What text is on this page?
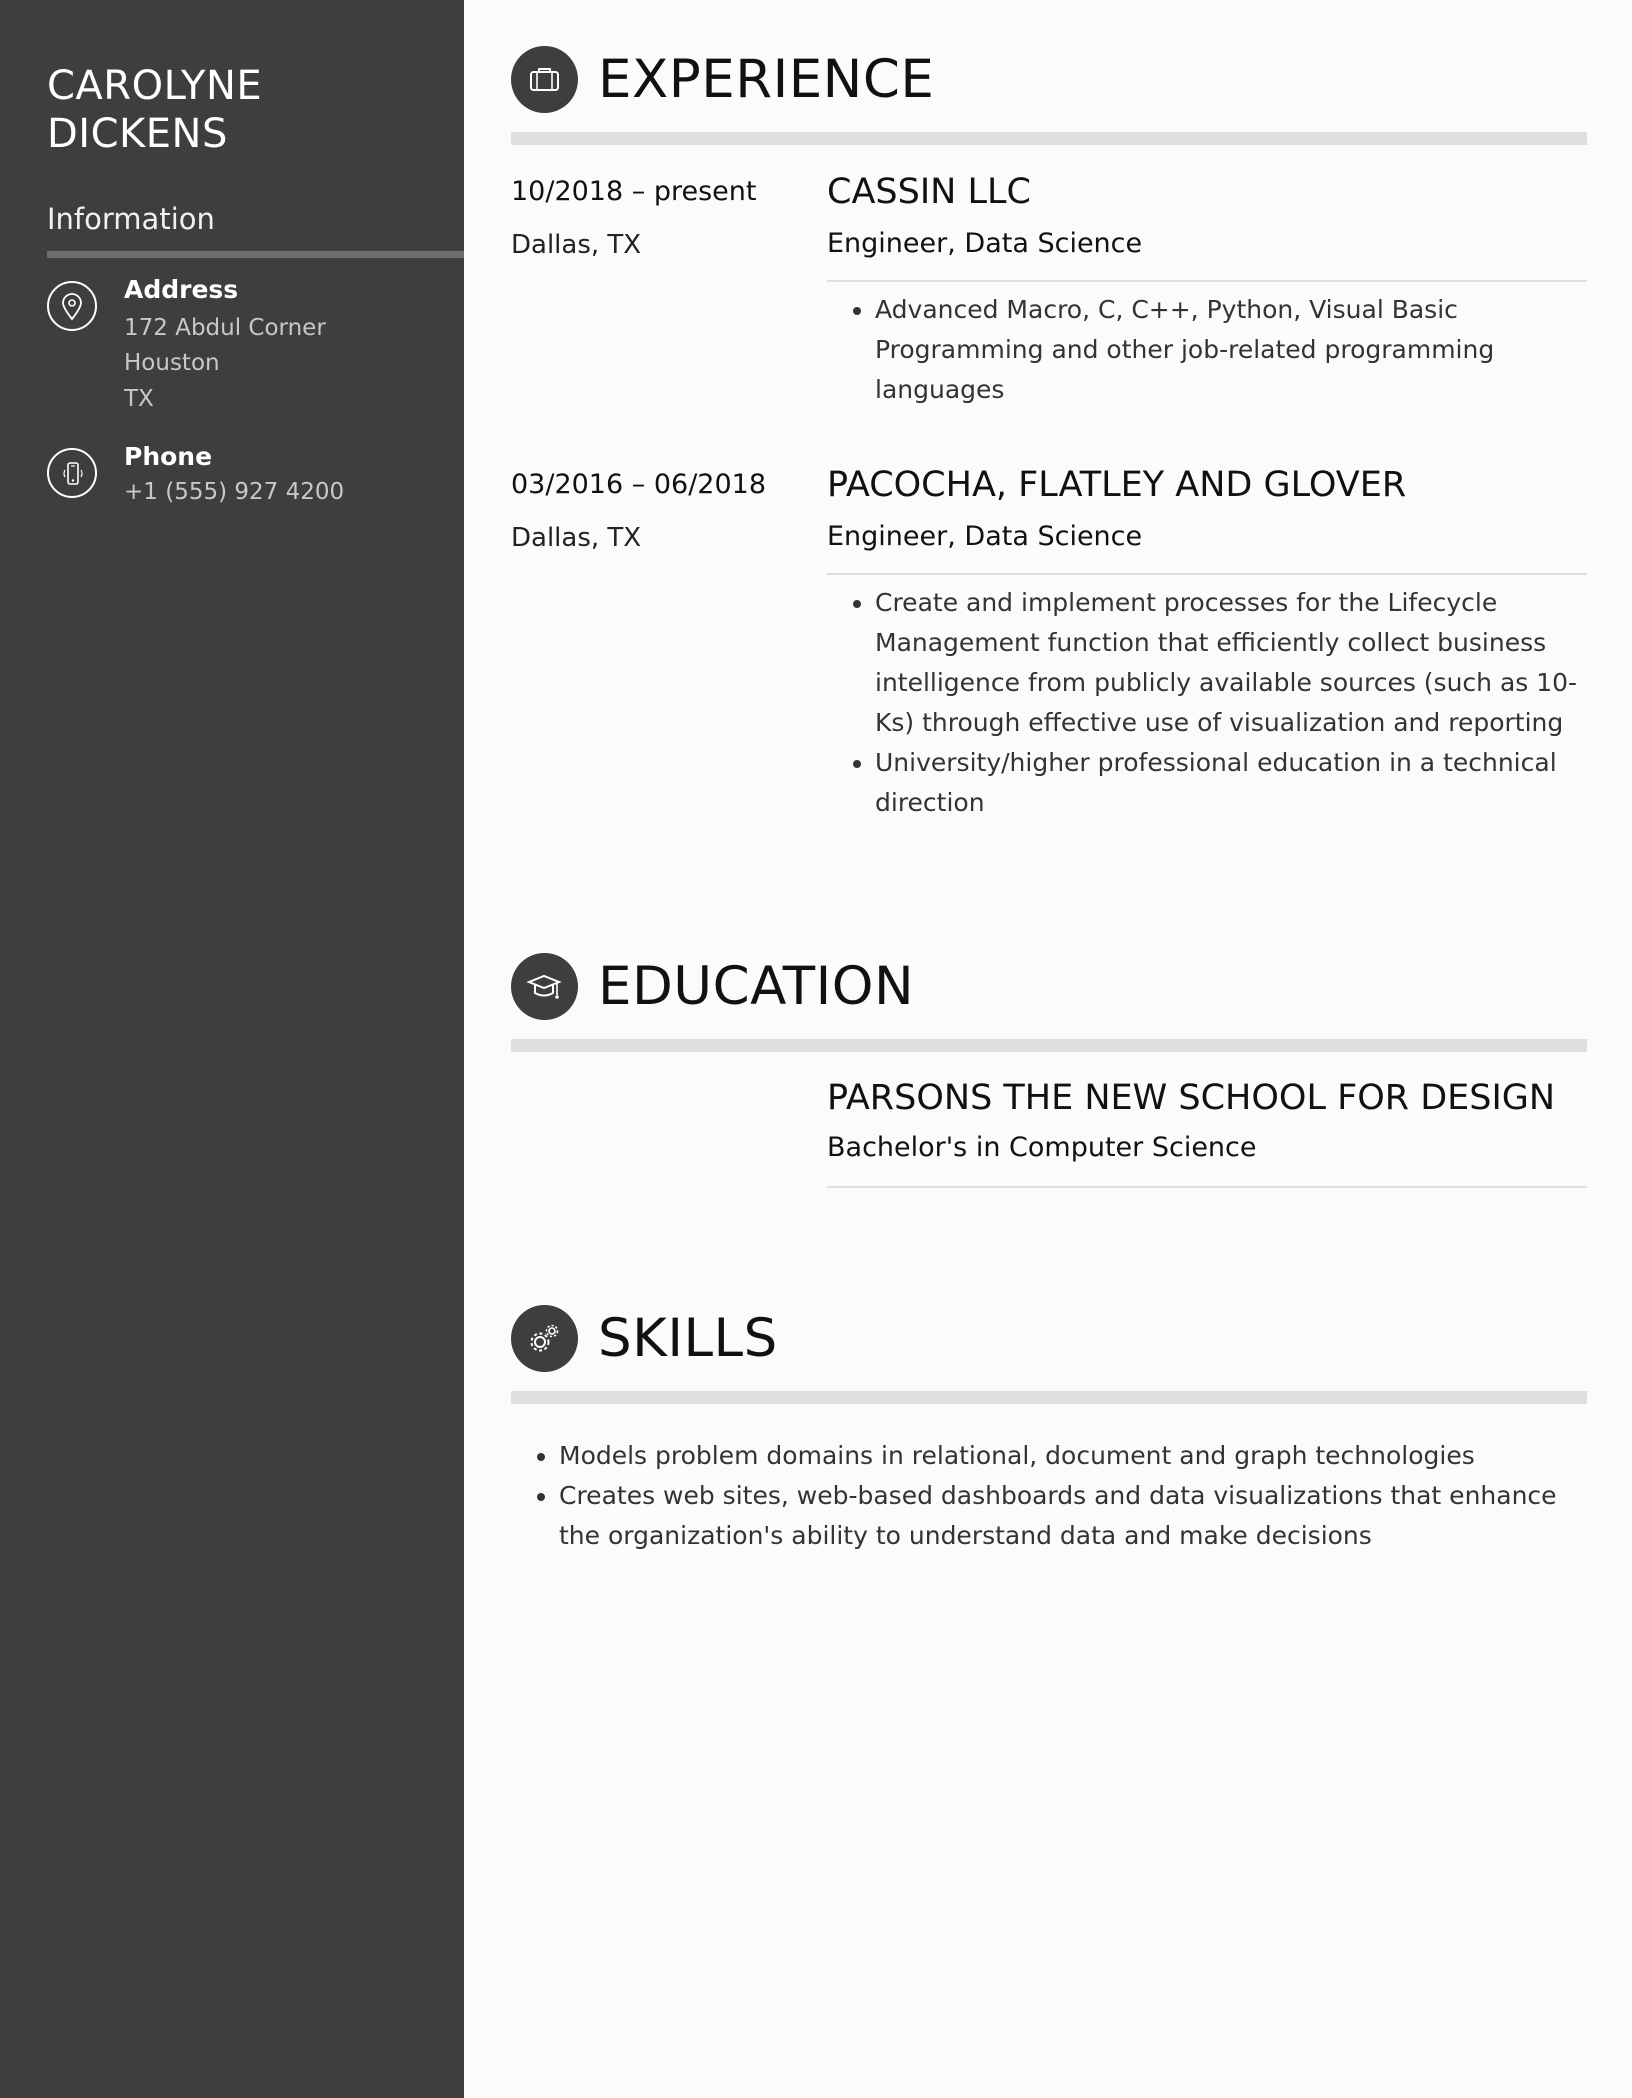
CAROLYNE
DICKENS
Information
Address
172 Abdul Corner
Houston
TX
Phone
+1 (555) 927 4200
EXPERIENCE
10/2018 – present
Dallas, TX
CASSIN LLC
Engineer, Data Science
• Advanced Macro, C, C++, Python, Visual Basic Programming and other job-related programming languages
03/2016 – 06/2018
Dallas, TX
PACOCHA, FLATLEY AND GLOVER
Engineer, Data Science
• Create and implement processes for the Lifecycle Management function that efficiently collect business intelligence from publicly available sources (such as 10-Ks) through effective use of visualization and reporting
• University/higher professional education in a technical direction
EDUCATION
PARSONS THE NEW SCHOOL FOR DESIGN
Bachelor's in Computer Science
SKILLS
• Models problem domains in relational, document and graph technologies
• Creates web sites, web-based dashboards and data visualizations that enhance the organization's ability to understand data and make decisions
